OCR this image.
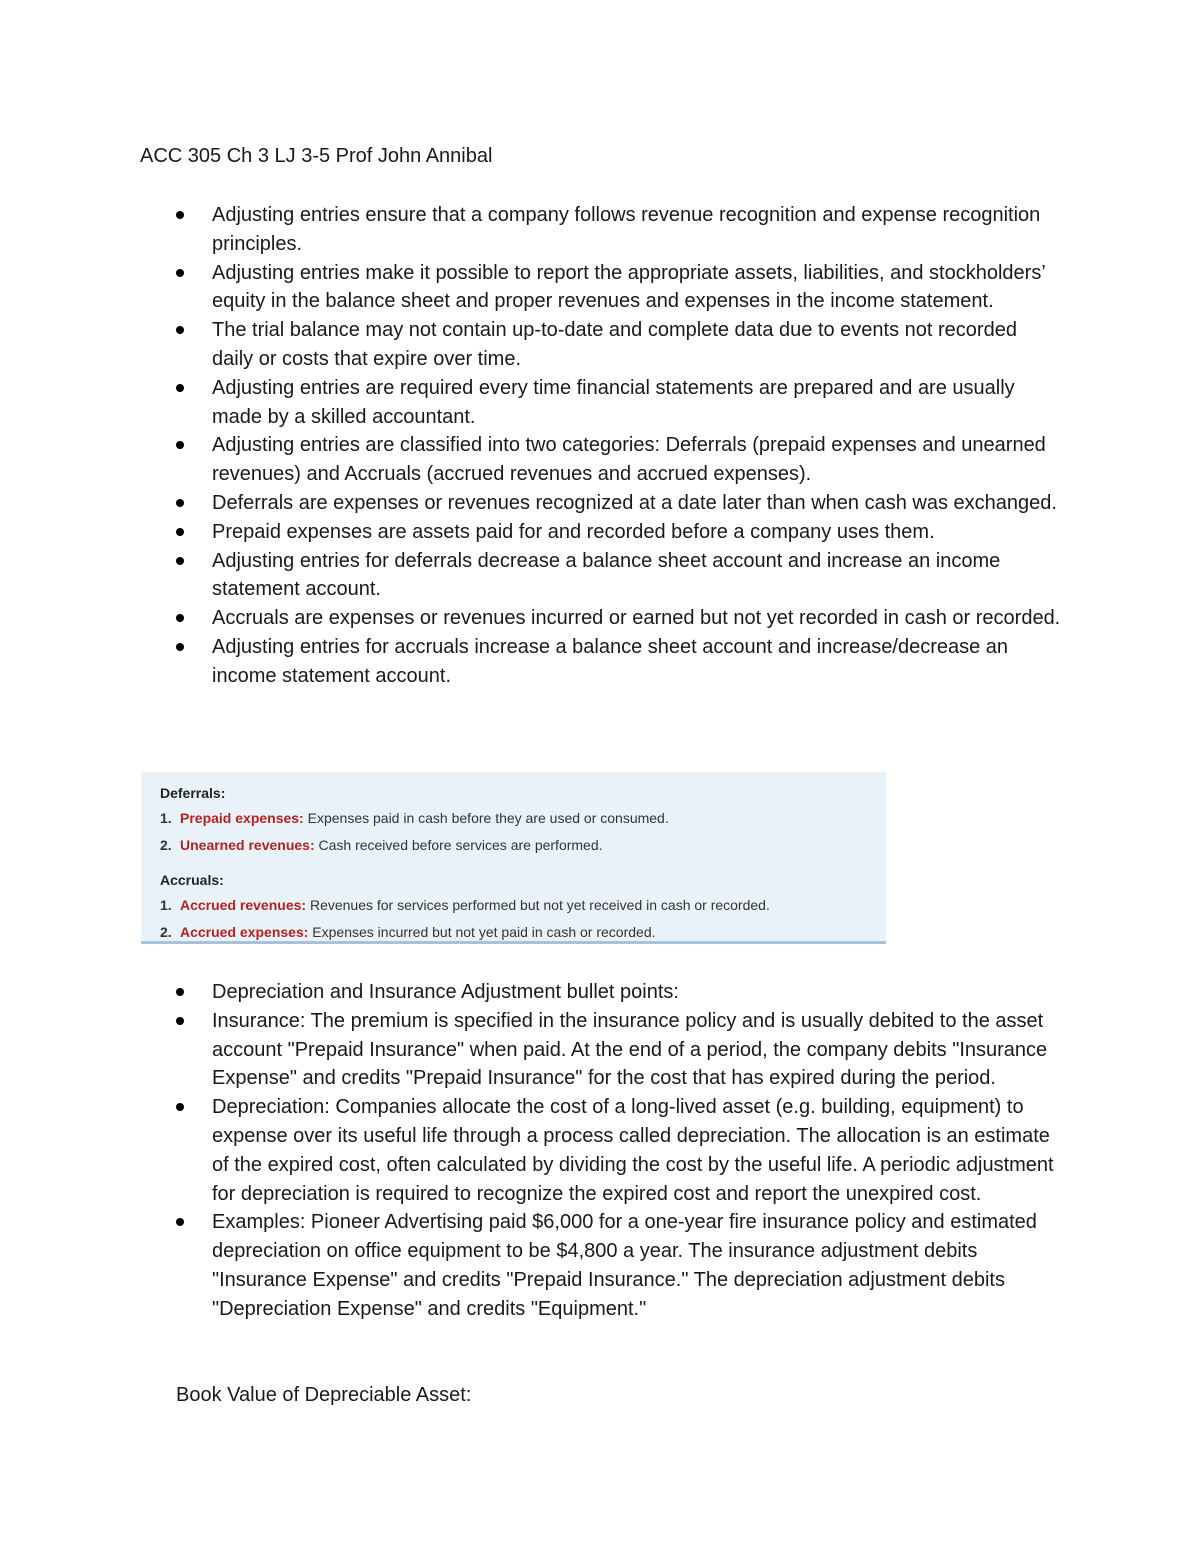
ACC 305 Ch 3 LJ 3-5 Prof John Annibal
Adjusting entries ensure that a company follows revenue recognition and expense recognition principles.
Adjusting entries make it possible to report the appropriate assets, liabilities, and stockholders’ equity in the balance sheet and proper revenues and expenses in the income statement.
The trial balance may not contain up-to-date and complete data due to events not recorded daily or costs that expire over time.
Adjusting entries are required every time financial statements are prepared and are usually made by a skilled accountant.
Adjusting entries are classified into two categories: Deferrals (prepaid expenses and unearned revenues) and Accruals (accrued revenues and accrued expenses).
Deferrals are expenses or revenues recognized at a date later than when cash was exchanged.
Prepaid expenses are assets paid for and recorded before a company uses them.
Adjusting entries for deferrals decrease a balance sheet account and increase an income statement account.
Accruals are expenses or revenues incurred or earned but not yet recorded in cash or recorded.
Adjusting entries for accruals increase a balance sheet account and increase/decrease an income statement account.
Deferrals:
1. Prepaid expenses: Expenses paid in cash before they are used or consumed.
2. Unearned revenues: Cash received before services are performed.
Accruals:
1. Accrued revenues: Revenues for services performed but not yet received in cash or recorded.
2. Accrued expenses: Expenses incurred but not yet paid in cash or recorded.
Depreciation and Insurance Adjustment bullet points:
Insurance: The premium is specified in the insurance policy and is usually debited to the asset account "Prepaid Insurance" when paid. At the end of a period, the company debits "Insurance Expense" and credits "Prepaid Insurance" for the cost that has expired during the period.
Depreciation: Companies allocate the cost of a long-lived asset (e.g. building, equipment) to expense over its useful life through a process called depreciation. The allocation is an estimate of the expired cost, often calculated by dividing the cost by the useful life. A periodic adjustment for depreciation is required to recognize the expired cost and report the unexpired cost.
Examples: Pioneer Advertising paid $6,000 for a one-year fire insurance policy and estimated depreciation on office equipment to be $4,800 a year. The insurance adjustment debits "Insurance Expense" and credits "Prepaid Insurance." The depreciation adjustment debits "Depreciation Expense" and credits "Equipment."

Book Value of Depreciable Asset:
